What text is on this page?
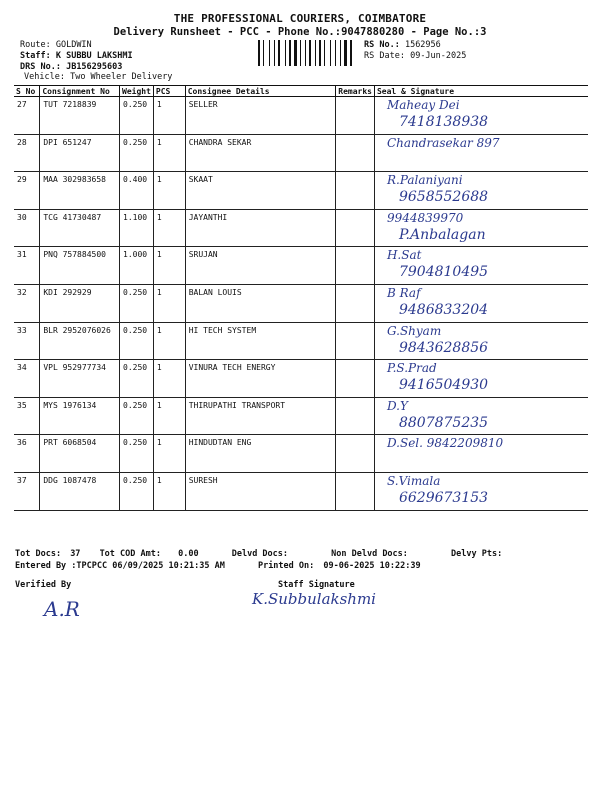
THE PROFESSIONAL COURIERS, COIMBATORE
Delivery Runsheet - PCC - Phone No.:9047880280 - Page No.:3
Route: GOLDWIN
Staff: K SUBBU LAKSHMI
DRS No.: JB156295603
Vehicle: Two Wheeler Delivery
RS No.: 1562956
RS Date: 09-Jun-2025
S No	Consignment No	Weight	PCS	Consignee Details	Remarks	Seal & Signature
27	TUT 7218839	0.250	1	SELLER		Maheay Dei
7418138938

28	DPI 651247	0.250	1	CHANDRA SEKAR		Chandrasekar 897

29	MAA 302983658	0.400	1	SKAAT		R.Palaniyani
9658552688

30	TCG 41730487	1.100	1	JAYANTHI		9944839970
P.Anbalagan

31	PNQ 757884500	1.000	1	SRUJAN		H.Sat
7904810495

32	KDI 292929	0.250	1	BALAN LOUIS		B Raf
9486833204

33	BLR 2952076026	0.250	1	HI TECH SYSTEM		G.Shyam
9843628856

34	VPL 952977734	0.250	1	VINURA TECH ENERGY		P.S.Prad
9416504930

35	MYS 1976134	0.250	1	THIRUPATHI TRANSPORT		D.Y
8807875235

36	PRT 6068504	0.250	1	HINDUDTAN ENG		D.Sel. 9842209810

37	DDG 1087478	0.250	1	SURESH		S.Vimala
6629673153
Tot Docs: 37 Tot COD Amt: 0.00	Delvd Docs:	Non Delvd Docs:	Delvy Pts:
Entered By :TPCPCC 06/09/2025 10:21:35 AM	Printed On: 09-06-2025 10:22:39
Verified By	Staff Signature
A.R	K.Subbulakshmi
